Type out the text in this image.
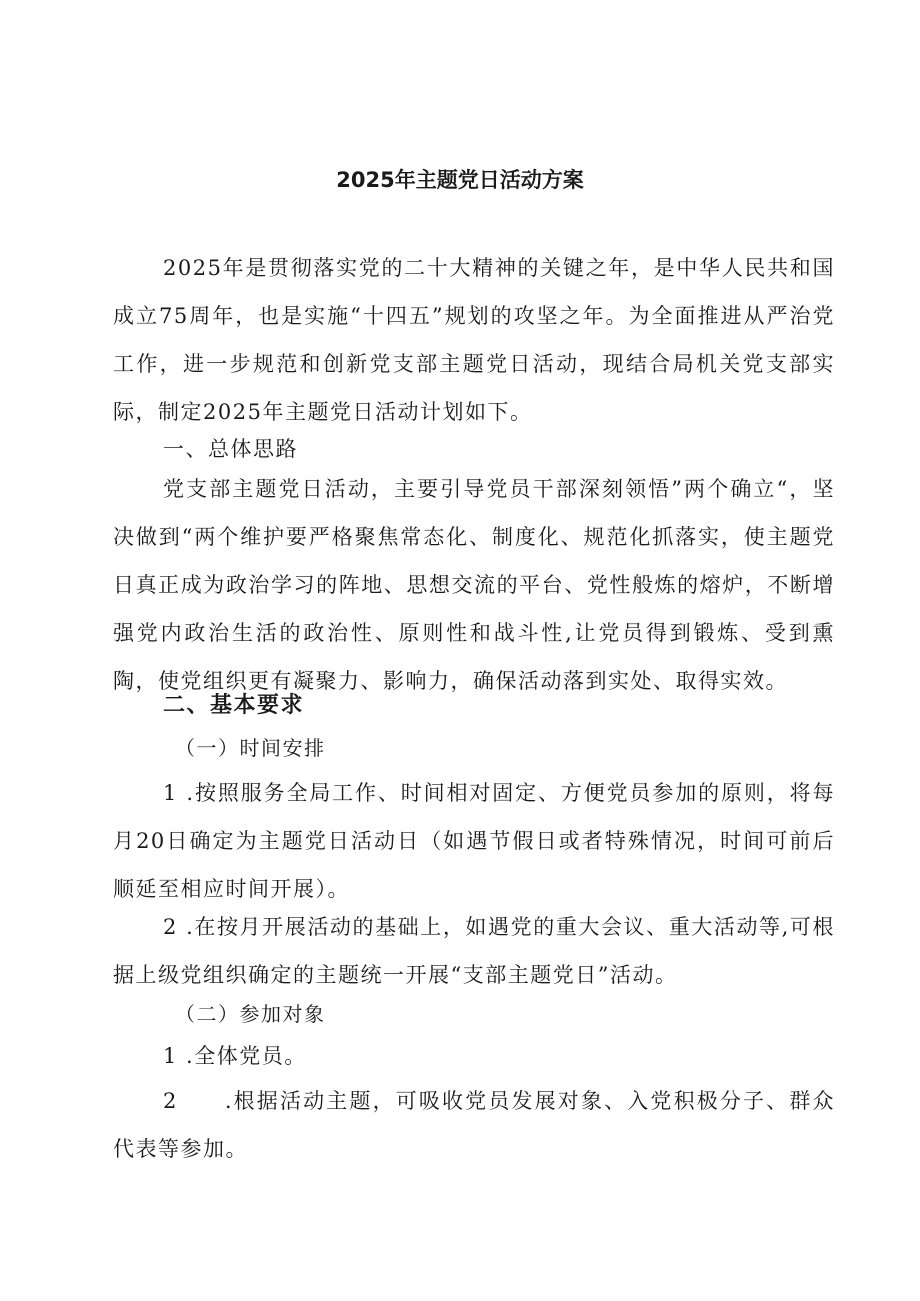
2025年主题党日活动方案

2025年是贯彻落实党的二十大精神的关键之年，是中华人民共和国成立75周年，也是实施“十四五”规划的攻坚之年。为全面推进从严治党工作，进一步规范和创新党支部主题党日活动，现结合局机关党支部实际，制定2025年主题党日活动计划如下。

一、总体思路

党支部主题党日活动，主要引导党员干部深刻领悟”两个确立“，坚决做到“两个维护要严格聚焦常态化、制度化、规范化抓落实，使主题党日真正成为政治学习的阵地、思想交流的平台、党性般炼的熔炉，不断增强党内政治生活的政治性、原则性和战斗性,让党员得到锻炼、受到熏陶，使党组织更有凝聚力、影响力，确保活动落到实处、取得实效。

二、基本要求

（一）时间安排

1 .按照服务全局工作、时间相对固定、方便党员参加的原则，将每月20日确定为主题党日活动日（如遇节假日或者特殊情况，时间可前后顺延至相应时间开展）。

2 .在按月开展活动的基础上，如遇党的重大会议、重大活动等,可根据上级党组织确定的主题统一开展“支部主题党日”活动。

（二）参加对象

1 .全体党员。

2　　.根据活动主题，可吸收党员发展对象、入党积极分子、群众代表等参加。
